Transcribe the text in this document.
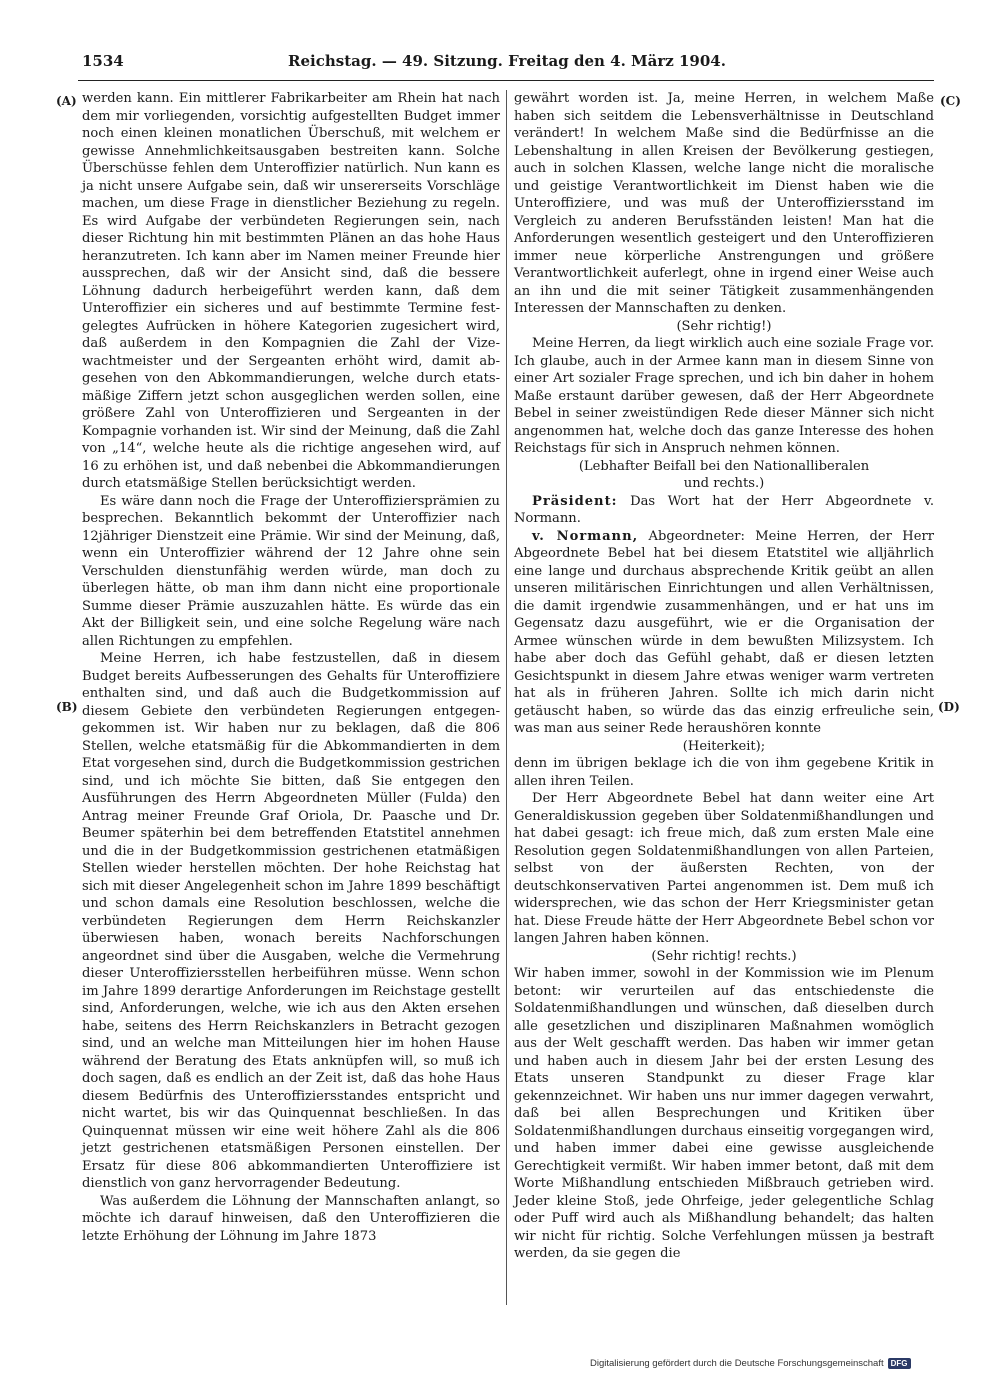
1534	Reichstag. — 49. Sitzung. Freitag den 4. März 1904.
(A)
(B)
(C)
(D)

werden kann. Ein mittlerer Fabrikarbeiter am Rhein hat nach dem mir vorliegenden, vorsichtig aufgestellten Budget immer noch einen kleinen monatlichen Überschuß, mit welchem er gewisse Annehmlichkeitsausgaben bestreiten kann. Solche Überschüsse fehlen dem Unteroffizier natürlich. Nun kann es ja nicht unsere Aufgabe sein, daß wir unsererseits Vorschläge machen, um diese Frage in dienstlicher Beziehung zu regeln. Es wird Aufgabe der verbündeten Regierungen sein, nach dieser Richtung hin mit bestimmten Plänen an das hohe Haus heranzutreten. Ich kann aber im Namen meiner Freunde hier aussprechen, daß wir der Ansicht sind, daß die bessere Löhnung dadurch herbeigeführt werden kann, daß dem Unteroffizier ein sicheres und auf bestimmte Termine festgelegtes Aufrücken in höhere Kategorien zugesichert wird, daß außerdem in den Kompagnien die Zahl der Vizewachtmeister und der Sergeanten erhöht wird, damit abgesehen von den Abkommandierungen, welche durch etatsmäßige Ziffern jetzt schon ausgeglichen werden sollen, eine größere Zahl von Unteroffizieren und Sergeanten in der Kompagnie vorhanden ist. Wir sind der Meinung, daß die Zahl von „14“, welche heute als die richtige angesehen wird, auf 16 zu erhöhen ist, und daß nebenbei die Abkommandierungen durch etatsmäßige Stellen berücksichtigt werden.

Es wäre dann noch die Frage der Unteroffiziersprämien zu besprechen. Bekanntlich bekommt der Unteroffizier nach 12jähriger Dienstzeit eine Prämie. Wir sind der Meinung, daß, wenn ein Unteroffizier während der 12 Jahre ohne sein Verschulden dienstunfähig werden würde, man doch zu überlegen hätte, ob man ihm dann nicht eine proportionale Summe dieser Prämie auszuzahlen hätte. Es würde das ein Akt der Billigkeit sein, und eine solche Regelung wäre nach allen Richtungen zu empfehlen.

Meine Herren, ich habe festzustellen, daß in diesem Budget bereits Aufbesserungen des Gehalts für Unteroffiziere enthalten sind, und daß auch die Budgetkommission auf diesem Gebiete den verbündeten Regierungen entgegengekommen ist. Wir haben nur zu beklagen, daß die 806 Stellen, welche etatsmäßig für die Abkommandierten in dem Etat vorgesehen sind, durch die Budgetkommission gestrichen sind, und ich möchte Sie bitten, daß Sie entgegen den Ausführungen des Herrn Abgeordneten Müller (Fulda) den Antrag meiner Freunde Graf Oriola, Dr. Paasche und Dr. Beumer späterhin bei dem betreffenden Etatstitel annehmen und die in der Budgetkommission gestrichenen etatmäßigen Stellen wieder herstellen möchten. Der hohe Reichstag hat sich mit dieser Angelegenheit schon im Jahre 1899 beschäftigt und schon damals eine Resolution beschlossen, welche die verbündeten Regierungen dem Herrn Reichskanzler überwiesen haben, wonach bereits Nachforschungen angeordnet sind über die Ausgaben, welche die Vermehrung dieser Unteroffiziersstellen herbeiführen müsse. Wenn schon im Jahre 1899 derartige Anforderungen im Reichstage gestellt sind, Anforderungen, welche, wie ich aus den Akten ersehen habe, seitens des Herrn Reichskanzlers in Betracht gezogen sind, und an welche man Mitteilungen hier im hohen Hause während der Beratung des Etats anknüpfen will, so muß ich doch sagen, daß es endlich an der Zeit ist, daß das hohe Haus diesem Bedürfnis des Unteroffiziersstandes entspricht und nicht wartet, bis wir das Quinquennat beschließen. In das Quinquennat müssen wir eine weit höhere Zahl als die 806 jetzt gestrichenen etatsmäßigen Personen einstellen. Der Ersatz für diese 806 abkommandierten Unteroffiziere ist dienstlich von ganz hervorragender Bedeutung.

Was außerdem die Löhnung der Mannschaften anlangt, so möchte ich darauf hinweisen, daß den Unteroffizieren die letzte Erhöhung der Löhnung im Jahre 1873

gewährt worden ist. Ja, meine Herren, in welchem Maße haben sich seitdem die Lebensverhältnisse in Deutschland verändert! In welchem Maße sind die Bedürfnisse an die Lebenshaltung in allen Kreisen der Bevölkerung gestiegen, auch in solchen Klassen, welche lange nicht die moralische und geistige Verantwortlichkeit im Dienst haben wie die Unteroffiziere, und was muß der Unteroffiziersstand im Vergleich zu anderen Berufsständen leisten! Man hat die Anforderungen wesentlich gesteigert und den Unteroffizieren immer neue körperliche Anstrengungen und größere Verantwortlichkeit auferlegt, ohne in irgend einer Weise auch an ihn und die mit seiner Tätigkeit zusammenhängenden Interessen der Mannschaften zu denken.

(Sehr richtig!)

Meine Herren, da liegt wirklich auch eine soziale Frage vor. Ich glaube, auch in der Armee kann man in diesem Sinne von einer Art sozialer Frage sprechen, und ich bin daher in hohem Maße erstaunt darüber gewesen, daß der Herr Abgeordnete Bebel in seiner zweistündigen Rede dieser Männer sich nicht angenommen hat, welche doch das ganze Interesse des hohen Reichstags für sich in Anspruch nehmen können.

(Lebhafter Beifall bei den Nationalliberalen

und rechts.)

Präsident: Das Wort hat der Herr Abgeordnete v. Normann.

v. Normann, Abgeordneter: Meine Herren, der Herr Abgeordnete Bebel hat bei diesem Etatstitel wie alljährlich eine lange und durchaus absprechende Kritik geübt an allen unseren militärischen Einrichtungen und allen Verhältnissen, die damit irgendwie zusammenhängen, und er hat uns im Gegensatz dazu ausgeführt, wie er die Organisation der Armee wünschen würde in dem bewußten Milizsystem. Ich habe aber doch das Gefühl gehabt, daß er diesen letzten Gesichtspunkt in diesem Jahre etwas weniger warm vertreten hat als in früheren Jahren. Sollte ich mich darin nicht getäuscht haben, so würde das das einzig erfreuliche sein, was man aus seiner Rede heraushören konnte

(Heiterkeit);

denn im übrigen beklage ich die von ihm gegebene Kritik in allen ihren Teilen.

Der Herr Abgeordnete Bebel hat dann weiter eine Art Generaldiskussion gegeben über Soldatenmißhandlungen und hat dabei gesagt: ich freue mich, daß zum ersten Male eine Resolution gegen Soldatenmißhandlungen von allen Parteien, selbst von der äußersten Rechten, von der deutschkonservativen Partei angenommen ist. Dem muß ich widersprechen, wie das schon der Herr Kriegsminister getan hat. Diese Freude hätte der Herr Abgeordnete Bebel schon vor langen Jahren haben können.

(Sehr richtig! rechts.)

Wir haben immer, sowohl in der Kommission wie im Plenum betont: wir verurteilen auf das entschiedenste die Soldatenmißhandlungen und wünschen, daß dieselben durch alle gesetzlichen und disziplinaren Maßnahmen womöglich aus der Welt geschafft werden. Das haben wir immer getan und haben auch in diesem Jahr bei der ersten Lesung des Etats unseren Standpunkt zu dieser Frage klar gekennzeichnet. Wir haben uns nur immer dagegen verwahrt, daß bei allen Besprechungen und Kritiken über Soldatenmißhandlungen durchaus einseitig vorgegangen wird, und haben immer dabei eine gewisse ausgleichende Gerechtigkeit vermißt. Wir haben immer betont, daß mit dem Worte Mißhandlung entschieden Mißbrauch getrieben wird. Jeder kleine Stoß, jede Ohrfeige, jeder gelegentliche Schlag oder Puff wird auch als Mißhandlung behandelt; das halten wir nicht für richtig. Solche Verfehlungen müssen ja bestraft werden, da sie gegen die

Digitalisierung gefördert durch die Deutsche Forschungsgemeinschaft DFG
